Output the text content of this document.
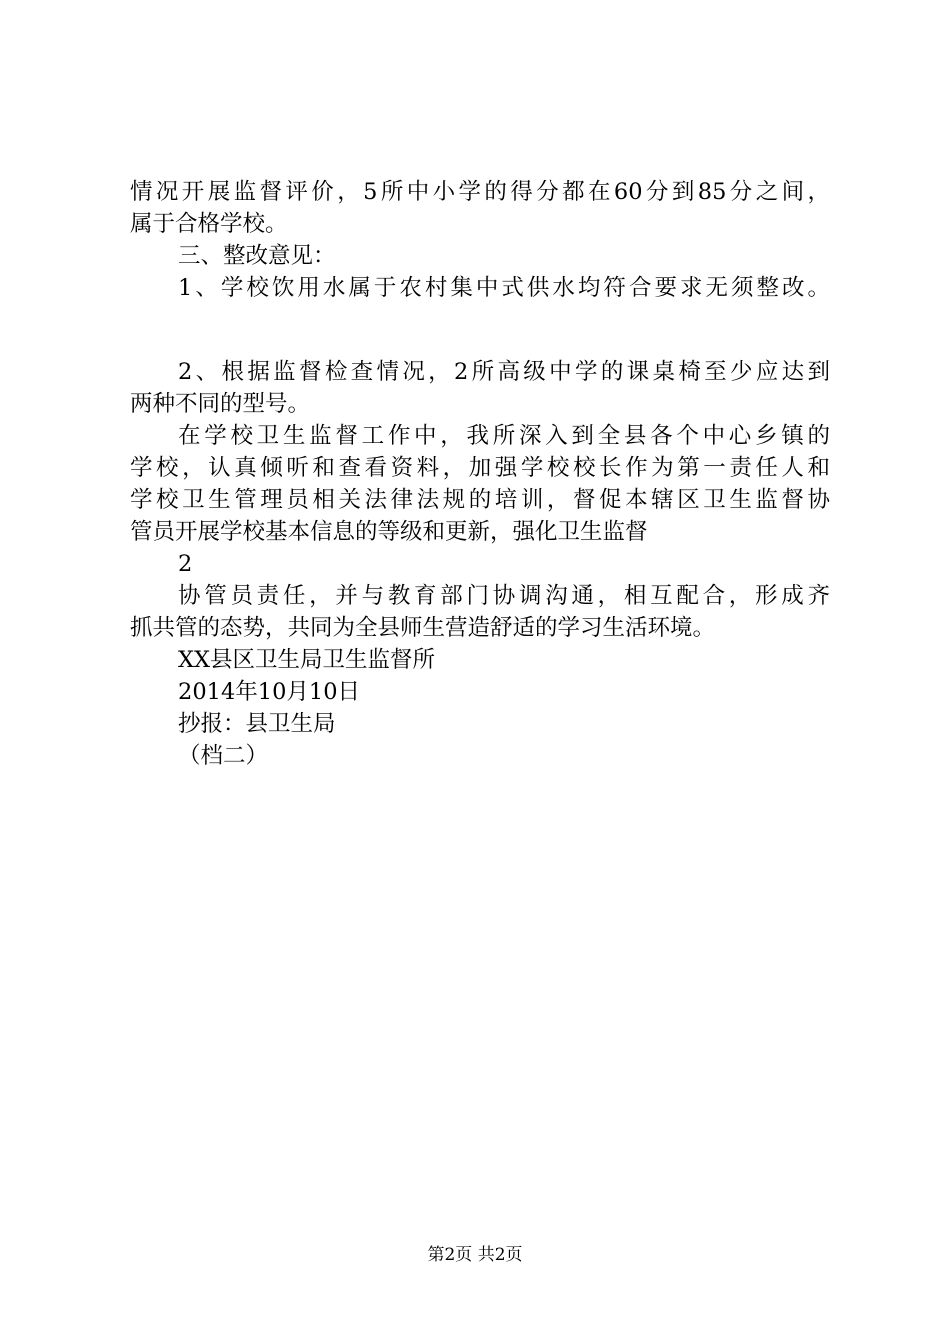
情况开展监督评价，5所中小学的得分都在60分到85分之间，
属于合格学校。
三、整改意见：
1、学校饮用水属于农村集中式供水均符合要求无须整改。
2、根据监督检查情况，2所高级中学的课桌椅至少应达到
两种不同的型号。
在学校卫生监督工作中，我所深入到全县各个中心乡镇的
学校，认真倾听和查看资料，加强学校校长作为第一责任人和
学校卫生管理员相关法律法规的培训，督促本辖区卫生监督协
管员开展学校基本信息的等级和更新，强化卫生监督
2
协管员责任，并与教育部门协调沟通，相互配合，形成齐
抓共管的态势，共同为全县师生营造舒适的学习生活环境。
XX县区卫生局卫生监督所
2014年10月10日
抄报：县卫生局
（档二）
第2页 共2页
